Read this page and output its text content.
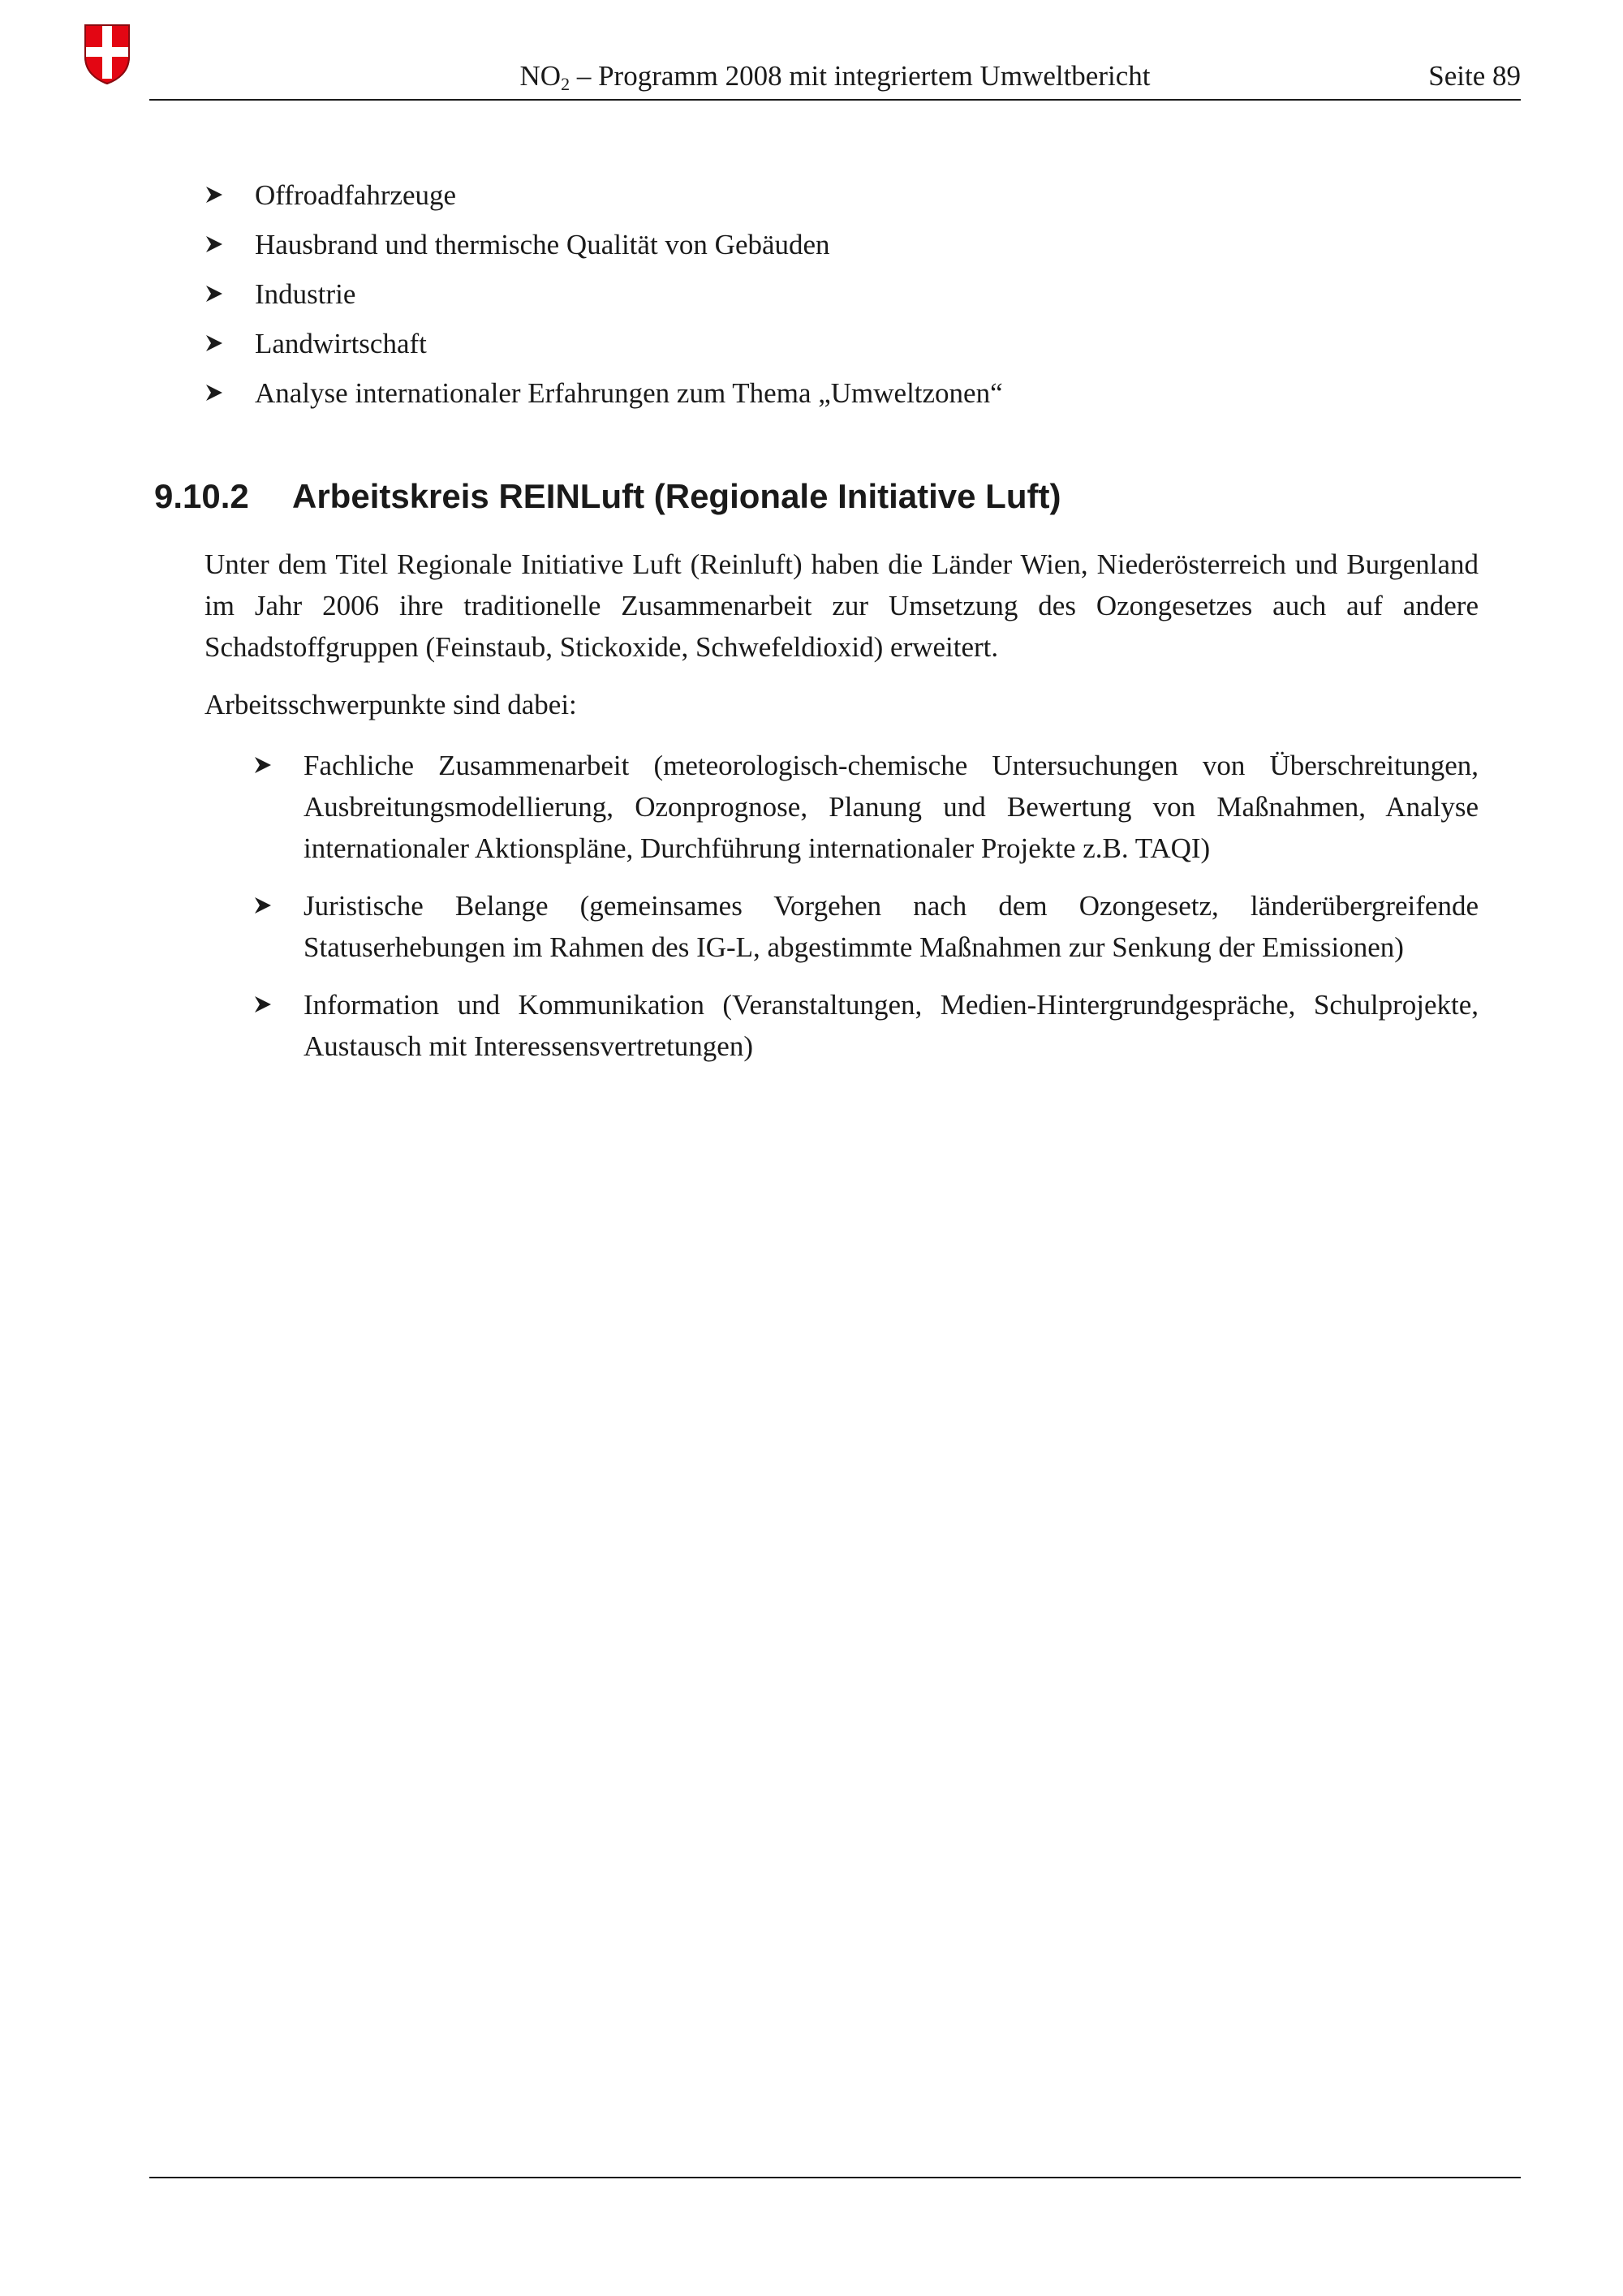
$NO_2$ – Programm 2008 mit integriertem Umweltbericht	Seite 89
Offroadfahrzeuge
Hausbrand und thermische Qualität von Gebäuden
Industrie
Landwirtschaft
Analyse internationaler Erfahrungen zum Thema „Umweltzonen“
9.10.2 Arbeitskreis REINLuft (Regionale Initiative Luft)

Unter dem Titel Regionale Initiative Luft (Reinluft) haben die Länder Wien, Niederösterreich und Burgenland im Jahr 2006 ihre traditionelle Zusammenarbeit zur Umsetzung des Ozongesetzes auch auf andere Schadstoffgruppen (Feinstaub, Stickoxide, Schwefeldioxid) erweitert.

Arbeitsschwerpunkte sind dabei:

Fachliche Zusammenarbeit (meteorologisch-chemische Untersuchungen von Überschreitungen, Ausbreitungsmodellierung, Ozonprognose, Planung und Bewertung von Maßnahmen, Analyse internationaler Aktionspläne, Durchführung internationaler Projekte z.B. TAQI)
Juristische Belange (gemeinsames Vorgehen nach dem Ozongesetz, länderübergreifende Statuserhebungen im Rahmen des IG-L, abgestimmte Maßnahmen zur Senkung der Emissionen)
Information und Kommunikation (Veranstaltungen, Medien-Hintergrundgespräche, Schulprojekte, Austausch mit Interessensvertretungen)
